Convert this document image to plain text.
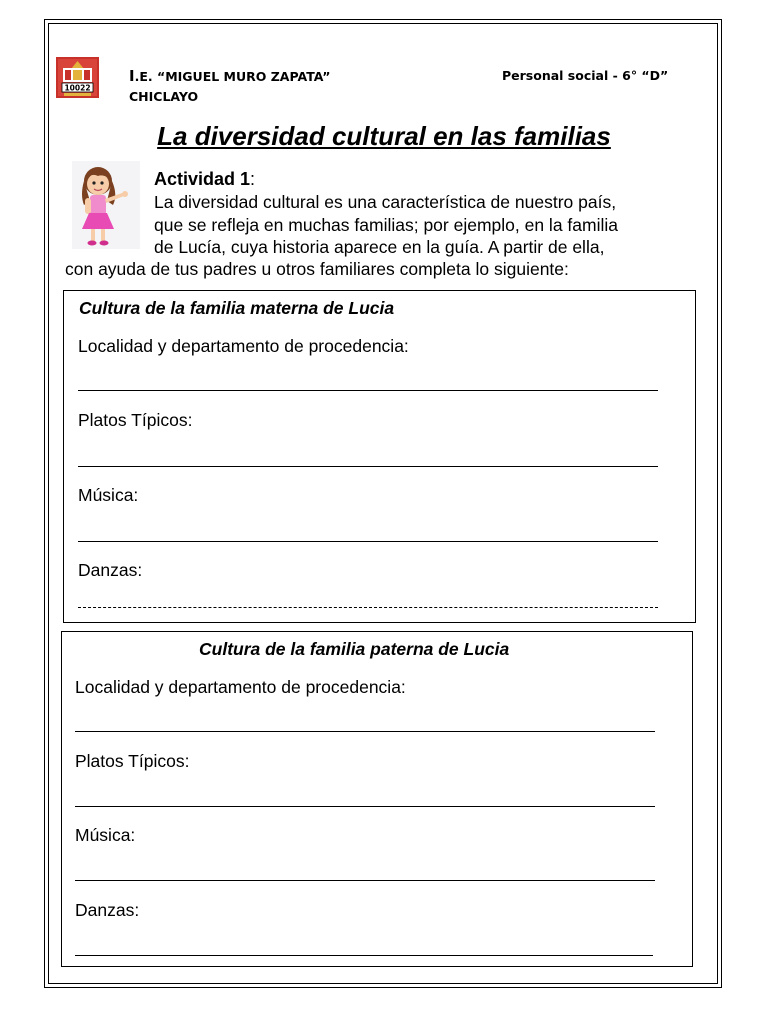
10022
I.E. “MIGUEL MURO ZAPATA”
CHICLAYO
Personal social - 6° “D”
La diversidad cultural en las familias
Actividad 1:
La diversidad cultural es una característica de nuestro país,
que se refleja en muchas familias; por ejemplo, en la familia
de Lucía, cuya historia aparece en la guía. A partir de ella,
con ayuda de tus padres u otros familiares completa lo siguiente:
Cultura de la familia materna de Lucia
Localidad y departamento de procedencia:
Platos Típicos:
Música:
Danzas:
Cultura de la familia paterna de Lucia
Localidad y departamento de procedencia:
Platos Típicos:
Música:
Danzas:
